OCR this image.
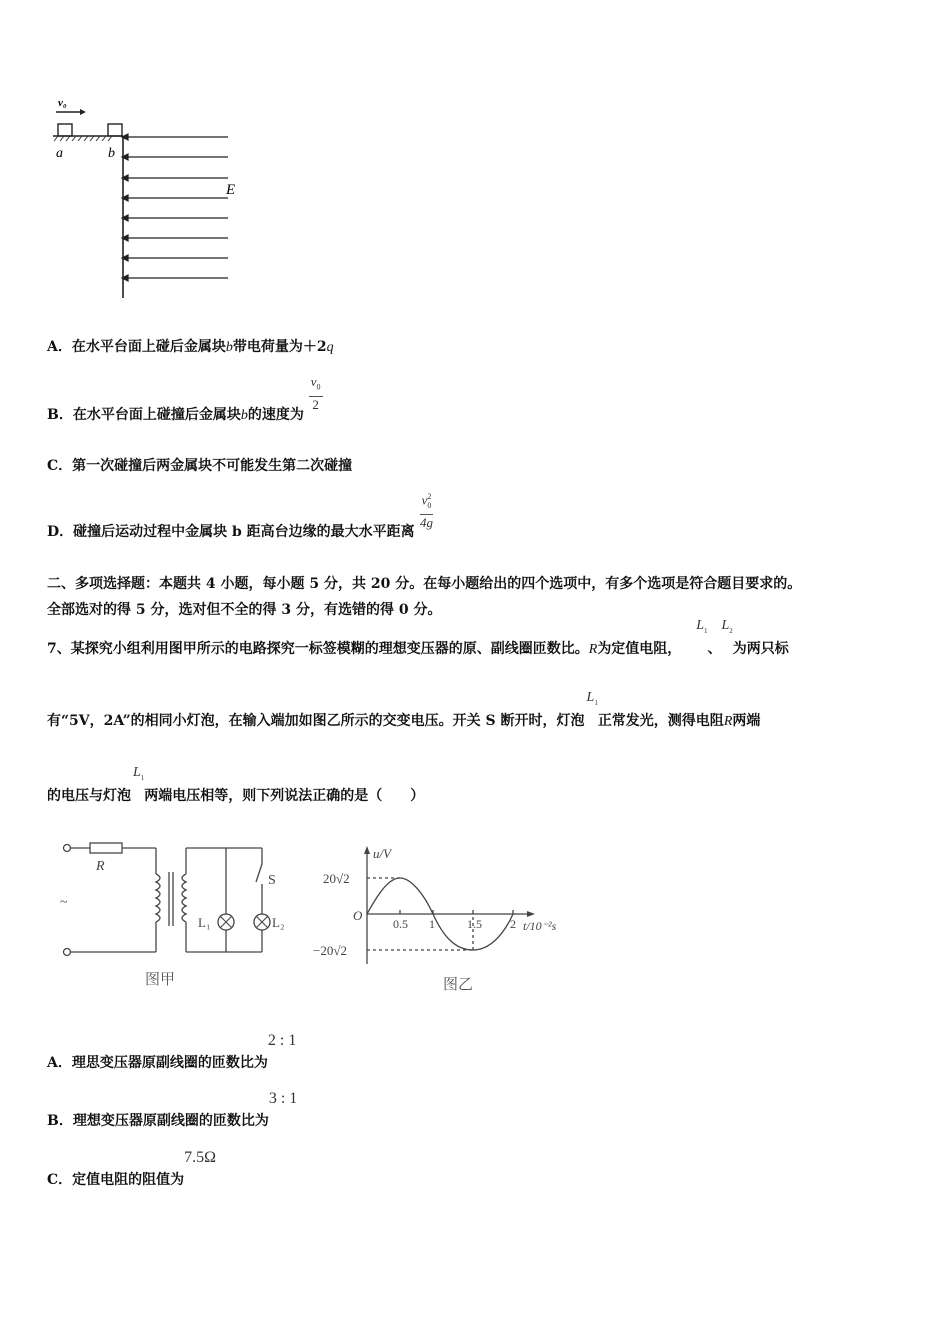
v₀
a	b
E
A．在水平台面上碰后金属块b带电荷量为＋2q
B．在水平台面上碰撞后金属块b的速度为
$\frac{v_0}{2}$
C．第一次碰撞后两金属块不可能发生第二次碰撞
D．碰撞后运动过程中金属块 b 距高台边缘的最大水平距离
$\frac{v^2_0}{4g}$
二、多项选择题：本题共 4 小题，每小题 5 分，共 20 分。在每小题给出的四个选项中，有多个选项是符合题目要求的。
全部选对的得 5 分，选对但不全的得 3 分，有选错的得 0 分。
7、某探究小组利用图甲所示的电路探究一标签模糊的理想变压器的原、副线圈匝数比。R为定值电阻， $L_1$、$L_2$为两只标
有“5V，2A”的相同小灯泡，在输入端加如图乙所示的交变电压。开关 S 断开时，灯泡$L_1$正常发光，测得电阻R两端
的电压与灯泡$L_1$两端电压相等，则下列说法正确的是（　　）
R
S
L₁	L₂
~
图甲
u/V
20√2
−20√2
O
0.5 1	1.5 2 t/10⁻²s
图乙
A．理思变压器原副线圈的匝数比为2 : 1
B．理想变压器原副线圈的匝数比为3 : 1
C．定值电阻的阻值为7.5Ω
